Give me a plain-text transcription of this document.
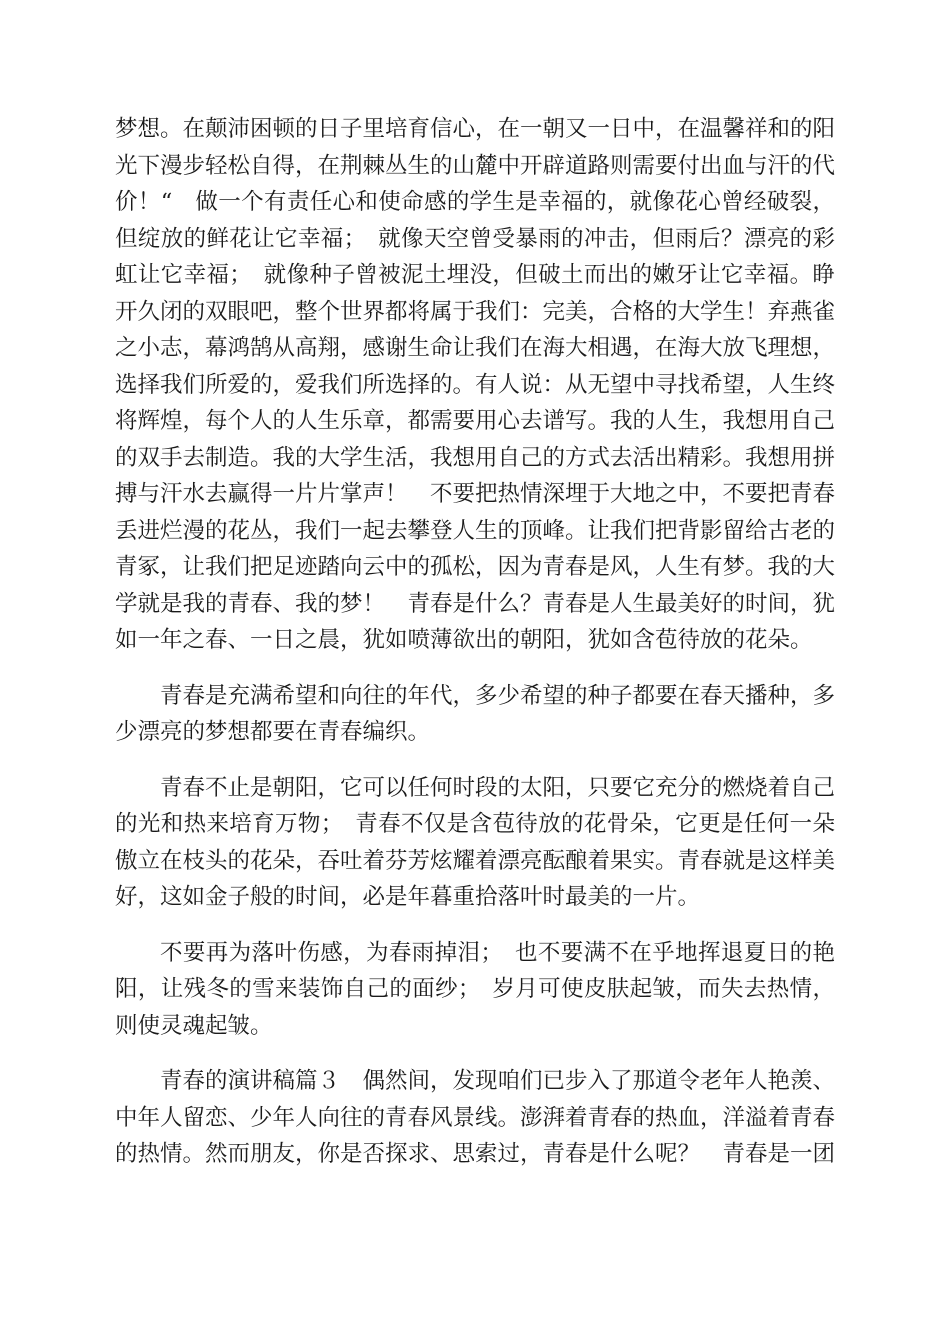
梦想。在颠沛困顿的日子里培育信心，在一朝又一日中，在温馨祥和的阳光下漫步轻松自得，在荆棘丛生的山麓中开辟道路则需要付出血与汗的代价！“　做一个有责任心和使命感的学生是幸福的，就像花心曾经破裂，但绽放的鲜花让它幸福；　就像天空曾受暴雨的冲击，但雨后？漂亮的彩虹让它幸福；　就像种子曾被泥土埋没，但破土而出的嫩牙让它幸福。睁开久闭的双眼吧，整个世界都将属于我们：完美，合格的大学生！弃燕雀之小志，幕鸿鹄从高翔，感谢生命让我们在海大相遇，在海大放飞理想，选择我们所爱的，爱我们所选择的。有人说：从无望中寻找希望，人生终将辉煌，每个人的人生乐章，都需要用心去谱写。我的人生，我想用自己的双手去制造。我的大学生活，我想用自己的方式去活出精彩。我想用拼搏与汗水去赢得一片片掌声！　不要把热情深埋于大地之中，不要把青春丢进烂漫的花丛，我们一起去攀登人生的顶峰。让我们把背影留给古老的青冢，让我们把足迹踏向云中的孤松，因为青春是风，人生有梦。我的大学就是我的青春、我的梦！　青春是什么？青春是人生最美好的时间，犹如一年之春、一日之晨，犹如喷薄欲出的朝阳，犹如含苞待放的花朵。

青春是充满希望和向往的年代，多少希望的种子都要在春天播种，多少漂亮的梦想都要在青春编织。

青春不止是朝阳，它可以任何时段的太阳，只要它充分的燃烧着自己的光和热来培育万物；　青春不仅是含苞待放的花骨朵，它更是任何一朵傲立在枝头的花朵，吞吐着芬芳炫耀着漂亮酝酿着果实。青春就是这样美好，这如金子般的时间，必是年暮重拾落叶时最美的一片。

不要再为落叶伤感，为春雨掉泪；　也不要满不在乎地挥退夏日的艳阳，让残冬的雪来装饰自己的面纱；　岁月可使皮肤起皱，而失去热情，则使灵魂起皱。

青春的演讲稿篇３　偶然间，发现咱们已步入了那道令老年人艳羡、中年人留恋、少年人向往的青春风景线。澎湃着青春的热血，洋溢着青春的热情。然而朋友，你是否探求、思索过，青春是什么呢？　青春是一团
